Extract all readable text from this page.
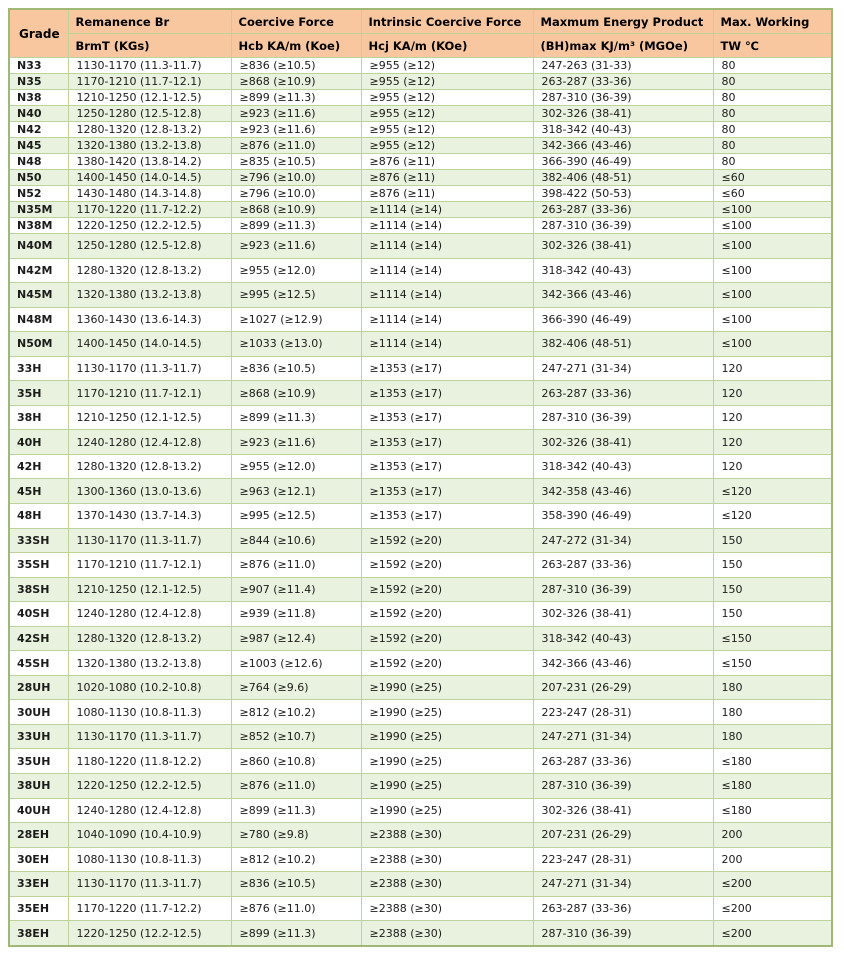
Grade	Remanence Br	Coercive Force	Intrinsic Coercive Force	Maxmum Energy Product	Max. Working
	BrmT (KGs)	Hcb KA/m (Koe)	Hcj KA/m (KOe)	(BH)max KJ/m³ (MGOe)	TW ℃
N33	1130-1170 (11.3-11.7)	≥836 (≥10.5)	≥955 (≥12)	247-263 (31-33)	80
N35	1170-1210 (11.7-12.1)	≥868 (≥10.9)	≥955 (≥12)	263-287 (33-36)	80
N38	1210-1250 (12.1-12.5)	≥899 (≥11.3)	≥955 (≥12)	287-310 (36-39)	80
N40	1250-1280 (12.5-12.8)	≥923 (≥11.6)	≥955 (≥12)	302-326 (38-41)	80
N42	1280-1320 (12.8-13.2)	≥923 (≥11.6)	≥955 (≥12)	318-342 (40-43)	80
N45	1320-1380 (13.2-13.8)	≥876 (≥11.0)	≥955 (≥12)	342-366 (43-46)	80
N48	1380-1420 (13.8-14.2)	≥835 (≥10.5)	≥876 (≥11)	366-390 (46-49)	80
N50	1400-1450 (14.0-14.5)	≥796 (≥10.0)	≥876 (≥11)	382-406 (48-51)	≤60
N52	1430-1480 (14.3-14.8)	≥796 (≥10.0)	≥876 (≥11)	398-422 (50-53)	≤60
N35M	1170-1220 (11.7-12.2)	≥868 (≥10.9)	≥1114 (≥14)	263-287 (33-36)	≤100
N38M	1220-1250 (12.2-12.5)	≥899 (≥11.3)	≥1114 (≥14)	287-310 (36-39)	≤100
N40M	1250-1280 (12.5-12.8)	≥923 (≥11.6)	≥1114 (≥14)	302-326 (38-41)	≤100
N42M	1280-1320 (12.8-13.2)	≥955 (≥12.0)	≥1114 (≥14)	318-342 (40-43)	≤100
N45M	1320-1380 (13.2-13.8)	≥995 (≥12.5)	≥1114 (≥14)	342-366 (43-46)	≤100
N48M	1360-1430 (13.6-14.3)	≥1027 (≥12.9)	≥1114 (≥14)	366-390 (46-49)	≤100
N50M	1400-1450 (14.0-14.5)	≥1033 (≥13.0)	≥1114 (≥14)	382-406 (48-51)	≤100
33H	1130-1170 (11.3-11.7)	≥836 (≥10.5)	≥1353 (≥17)	247-271 (31-34)	120
35H	1170-1210 (11.7-12.1)	≥868 (≥10.9)	≥1353 (≥17)	263-287 (33-36)	120
38H	1210-1250 (12.1-12.5)	≥899 (≥11.3)	≥1353 (≥17)	287-310 (36-39)	120
40H	1240-1280 (12.4-12.8)	≥923 (≥11.6)	≥1353 (≥17)	302-326 (38-41)	120
42H	1280-1320 (12.8-13.2)	≥955 (≥12.0)	≥1353 (≥17)	318-342 (40-43)	120
45H	1300-1360 (13.0-13.6)	≥963 (≥12.1)	≥1353 (≥17)	342-358 (43-46)	≤120
48H	1370-1430 (13.7-14.3)	≥995 (≥12.5)	≥1353 (≥17)	358-390 (46-49)	≤120
33SH	1130-1170 (11.3-11.7)	≥844 (≥10.6)	≥1592 (≥20)	247-272 (31-34)	150
35SH	1170-1210 (11.7-12.1)	≥876 (≥11.0)	≥1592 (≥20)	263-287 (33-36)	150
38SH	1210-1250 (12.1-12.5)	≥907 (≥11.4)	≥1592 (≥20)	287-310 (36-39)	150
40SH	1240-1280 (12.4-12.8)	≥939 (≥11.8)	≥1592 (≥20)	302-326 (38-41)	150
42SH	1280-1320 (12.8-13.2)	≥987 (≥12.4)	≥1592 (≥20)	318-342 (40-43)	≤150
45SH	1320-1380 (13.2-13.8)	≥1003 (≥12.6)	≥1592 (≥20)	342-366 (43-46)	≤150
28UH	1020-1080 (10.2-10.8)	≥764 (≥9.6)	≥1990 (≥25)	207-231 (26-29)	180
30UH	1080-1130 (10.8-11.3)	≥812 (≥10.2)	≥1990 (≥25)	223-247 (28-31)	180
33UH	1130-1170 (11.3-11.7)	≥852 (≥10.7)	≥1990 (≥25)	247-271 (31-34)	180
35UH	1180-1220 (11.8-12.2)	≥860 (≥10.8)	≥1990 (≥25)	263-287 (33-36)	≤180
38UH	1220-1250 (12.2-12.5)	≥876 (≥11.0)	≥1990 (≥25)	287-310 (36-39)	≤180
40UH	1240-1280 (12.4-12.8)	≥899 (≥11.3)	≥1990 (≥25)	302-326 (38-41)	≤180
28EH	1040-1090 (10.4-10.9)	≥780 (≥9.8)	≥2388 (≥30)	207-231 (26-29)	200
30EH	1080-1130 (10.8-11.3)	≥812 (≥10.2)	≥2388 (≥30)	223-247 (28-31)	200
33EH	1130-1170 (11.3-11.7)	≥836 (≥10.5)	≥2388 (≥30)	247-271 (31-34)	≤200
35EH	1170-1220 (11.7-12.2)	≥876 (≥11.0)	≥2388 (≥30)	263-287 (33-36)	≤200
38EH	1220-1250 (12.2-12.5)	≥899 (≥11.3)	≥2388 (≥30)	287-310 (36-39)	≤200
